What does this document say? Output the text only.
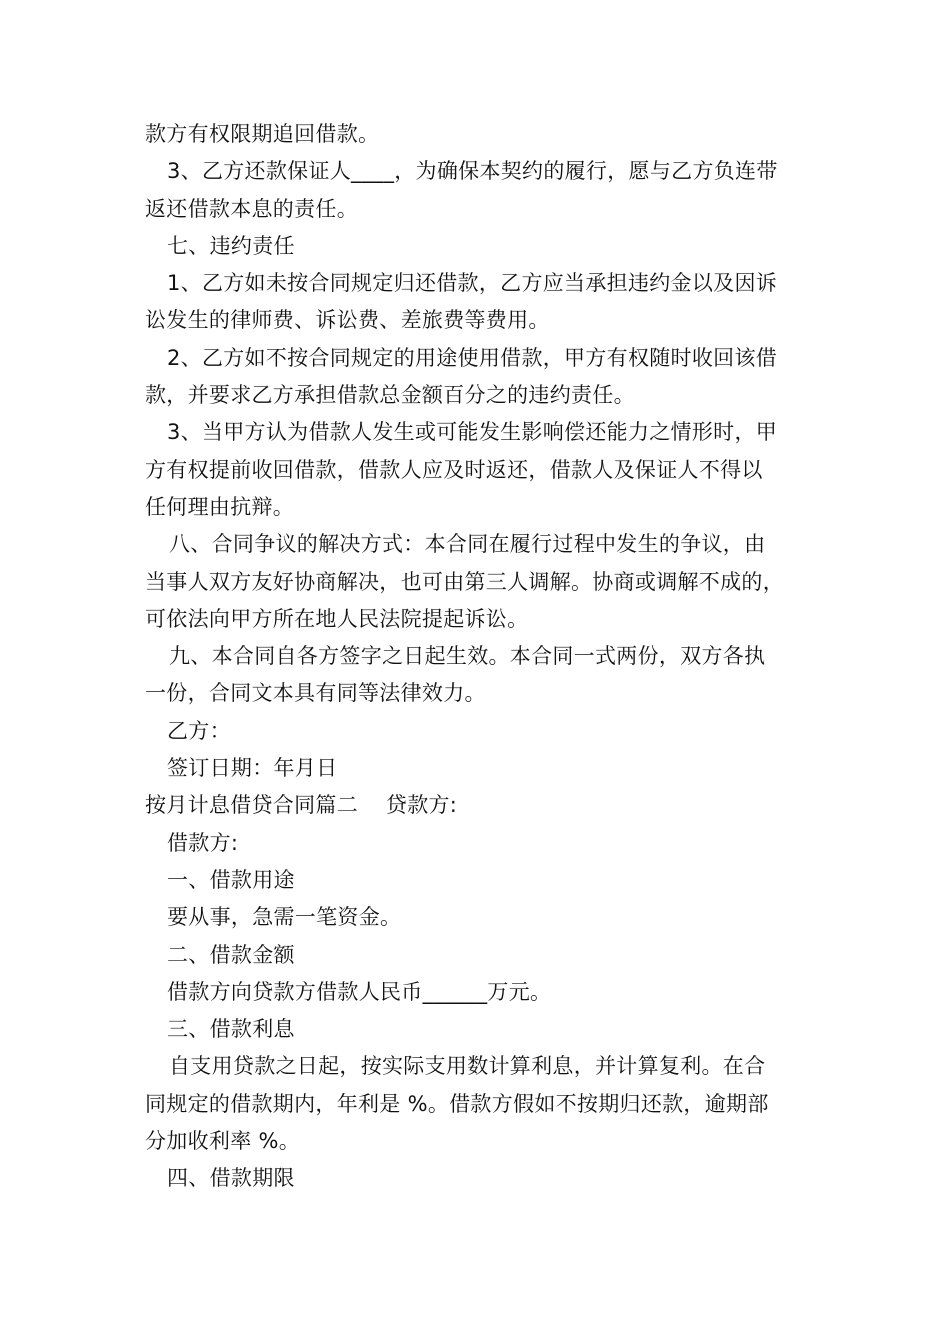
款方有权限期追回借款。
3、乙方还款保证人____，为确保本契约的履行，愿与乙方负连带
返还借款本息的责任。
七、违约责任
1、乙方如未按合同规定归还借款，乙方应当承担违约金以及因诉
讼发生的律师费、诉讼费、差旅费等费用。
2、乙方如不按合同规定的用途使用借款，甲方有权随时收回该借
款，并要求乙方承担借款总金额百分之的违约责任。
3、当甲方认为借款人发生或可能发生影响偿还能力之情形时，甲
方有权提前收回借款，借款人应及时返还，借款人及保证人不得以
任何理由抗辩。
八、合同争议的解决方式：本合同在履行过程中发生的争议，由
当事人双方友好协商解决，也可由第三人调解。协商或调解不成的，
可依法向甲方所在地人民法院提起诉讼。
九、本合同自各方签字之日起生效。本合同一式两份，双方各执
一份，合同文本具有同等法律效力。
乙方：
签订日期：年月日
按月计息借贷合同篇二    贷款方:
借款方:
一、借款用途
要从事，急需一笔资金。
二、借款金额
借款方向贷款方借款人民币______万元。
三、借款利息
自支用贷款之日起，按实际支用数计算利息，并计算复利。在合
同规定的借款期内，年利是 %。借款方假如不按期归还款，逾期部
分加收利率 %。
四、借款期限
